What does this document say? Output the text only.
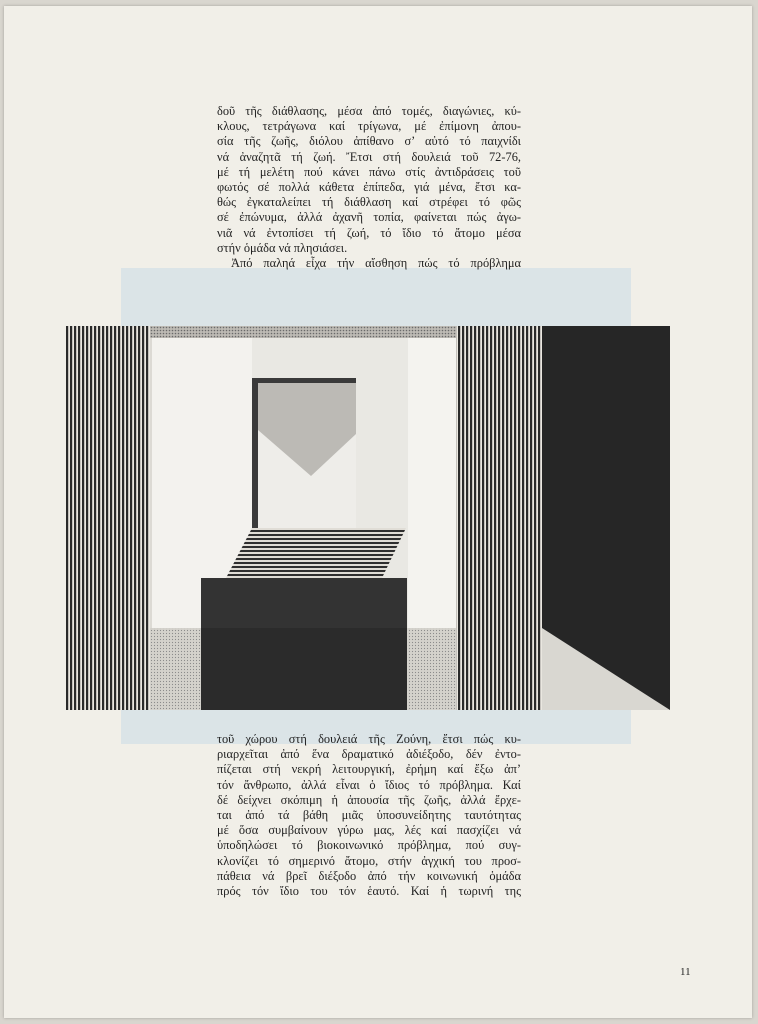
δοῦ τῆς διάθλασης, μέσα ἀπό τομές, διαγώνιες, κύ-
κλους, τετράγωνα καί τρίγωνα, μέ ἐπίμονη ἀπου-
σία τῆς ζωῆς, διόλου ἀπίθανο σ’ αὐτό τό παιχνίδι
νά ἀναζητᾶ τή ζωή. Ἔτσι στή δουλειά τοῦ 72-76,
μέ τή μελέτη πού κάνει πάνω στίς ἀντιδράσεις τοῦ
φωτός σέ πολλά κάθετα ἐπίπεδα, γιά μένα, ἔτσι κα-
θώς ἐγκαταλείπει τή διάθλαση καί στρέφει τό φῶς
σέ ἐπώνυμα, ἀλλά ἀχανῆ τοπία, φαίνεται πώς ἀγω-
νιᾶ νά ἐντοπίσει τή ζωή, τό ἴδιο τό ἄτομο μέσα
στήν ὁμάδα νά πλησιάσει.
Ἀπό παληά εἶχα τήν αἴσθηση πώς τό πρόβλημα
τοῦ χώρου στή δουλειά τῆς Ζούνη, ἔτσι πώς κυ-
ριαρχεῖται ἀπό ἕνα δραματικό ἀδιέξοδο, δέν ἐντο-
πίζεται στή νεκρή λειτουργική, ἐρήμη καί ἔξω ἀπ’
τόν ἄνθρωπο, ἀλλά εἶναι ὁ ἴδιος τό πρόβλημα. Καί
δέ δείχνει σκόπιμη ἡ ἀπουσία τῆς ζωῆς, ἀλλά ἔρχε-
ται ἀπό τά βάθη μιᾶς ὑποσυνείδητης ταυτότητας
μέ ὅσα συμβαίνουν γύρω μας, λές καί πασχίζει νά
ὑποδηλώσει τό βιοκοινωνικό πρόβλημα, πού συγ-
κλονίζει τό σημερινό ἄτομο, στήν ἀγχική του προσ-
πάθεια νά βρεῖ διέξοδο ἀπό τήν κοινωνική ὁμάδα
πρός τόν ἴδιο του τόν ἑαυτό. Καί ἡ τωρινή της
11
